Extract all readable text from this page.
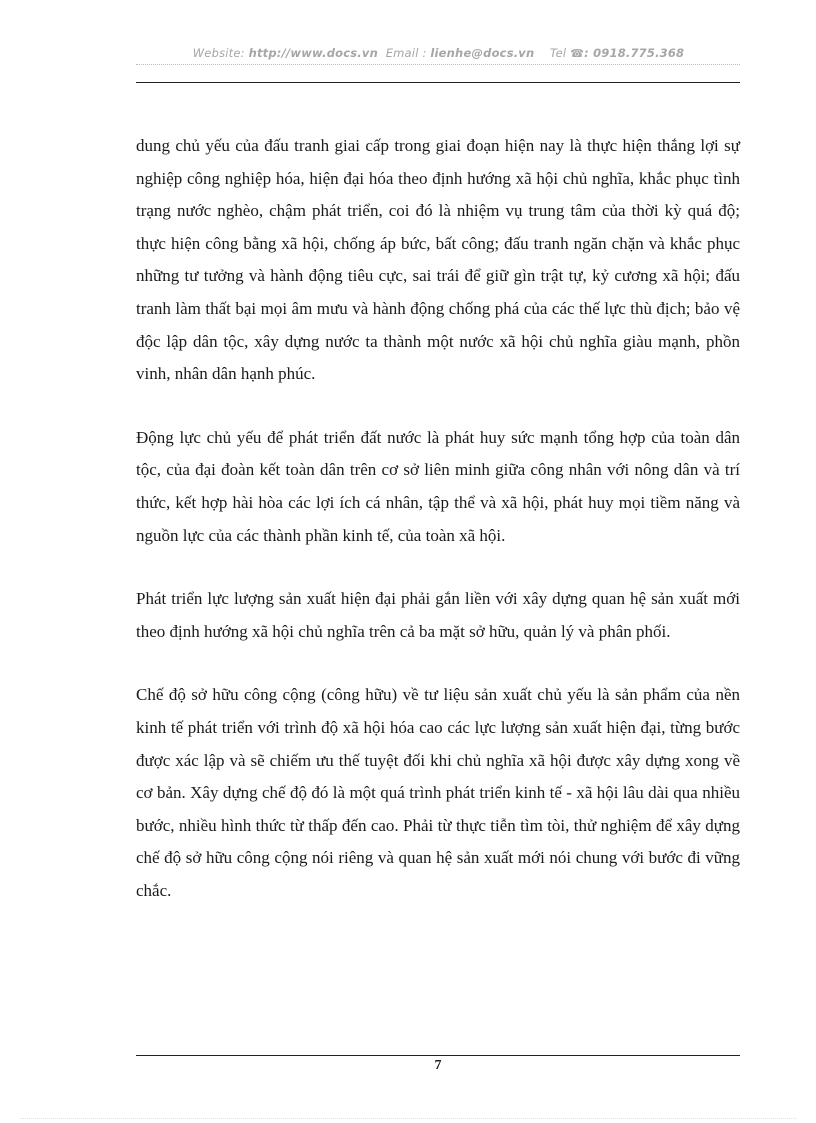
Website: http://www.docs.vn Email : lienhe@docs.vn Tel ☎: 0918.775.368

dung chủ yếu của đấu tranh giai cấp trong giai đoạn hiện nay là thực hiện thắng lợi sự nghiệp công nghiệp hóa, hiện đại hóa theo định hướng xã hội chủ nghĩa, khắc phục tình trạng nước nghèo, chậm phát triển, coi đó là nhiệm vụ trung tâm của thời kỳ quá độ; thực hiện công bằng xã hội, chống áp bức, bất công; đấu tranh ngăn chặn và khắc phục những tư tưởng và hành động tiêu cực, sai trái để giữ gìn trật tự, kỷ cương xã hội; đấu tranh làm thất bại mọi âm mưu và hành động chống phá của các thế lực thù địch; bảo vệ độc lập dân tộc, xây dựng nước ta thành một nước xã hội chủ nghĩa giàu mạnh, phồn vinh, nhân dân hạnh phúc.

Động lực chủ yếu để phát triển đất nước là phát huy sức mạnh tổng hợp của toàn dân tộc, của đại đoàn kết toàn dân trên cơ sở liên minh giữa công nhân với nông dân và trí thức, kết hợp hài hòa các lợi ích cá nhân, tập thể và xã hội, phát huy mọi tiềm năng và nguồn lực của các thành phần kinh tế, của toàn xã hội.

Phát triển lực lượng sản xuất hiện đại phải gắn liền với xây dựng quan hệ sản xuất mới theo định hướng xã hội chủ nghĩa trên cả ba mặt sở hữu, quản lý và phân phối.

Chế độ sở hữu công cộng (công hữu) về tư liệu sản xuất chủ yếu là sản phẩm của nền kinh tế phát triển với trình độ xã hội hóa cao các lực lượng sản xuất hiện đại, từng bước được xác lập và sẽ chiếm ưu thế tuyệt đối khi chủ nghĩa xã hội được xây dựng xong về cơ bản. Xây dựng chế độ đó là một quá trình phát triển kinh tế - xã hội lâu dài qua nhiều bước, nhiều hình thức từ thấp đến cao. Phải từ thực tiễn tìm tòi, thử nghiệm để xây dựng chế độ sở hữu công cộng nói riêng và quan hệ sản xuất mới nói chung với bước đi vững chắc.

7
